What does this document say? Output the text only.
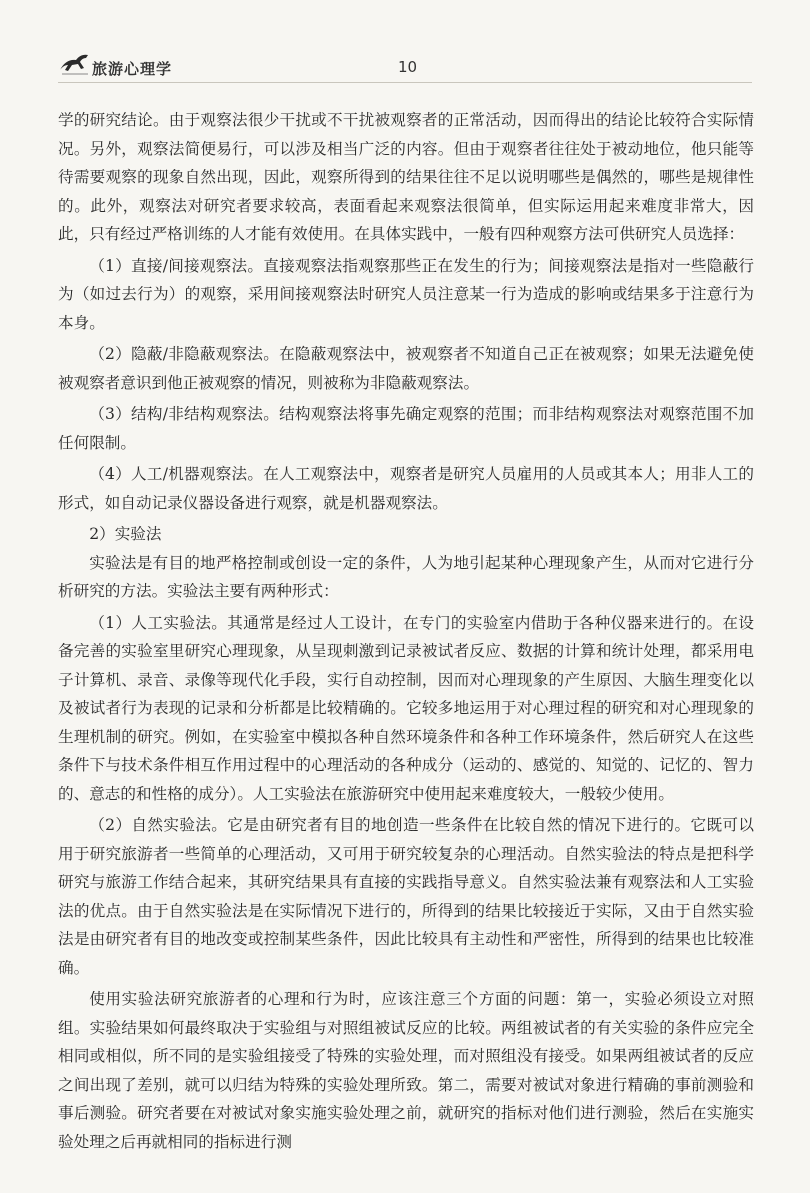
旅游心理学	10

学的研究结论。由于观察法很少干扰或不干扰被观察者的正常活动，因而得出的结论比较符合实际情况。另外，观察法简便易行，可以涉及相当广泛的内容。但由于观察者往往处于被动地位，他只能等待需要观察的现象自然出现，因此，观察所得到的结果往往不足以说明哪些是偶然的，哪些是规律性的。此外，观察法对研究者要求较高，表面看起来观察法很简单，但实际运用起来难度非常大，因此，只有经过严格训练的人才能有效使用。在具体实践中，一般有四种观察方法可供研究人员选择：

（1）直接/间接观察法。直接观察法指观察那些正在发生的行为；间接观察法是指对一些隐蔽行为（如过去行为）的观察，采用间接观察法时研究人员注意某一行为造成的影响或结果多于注意行为本身。

（2）隐蔽/非隐蔽观察法。在隐蔽观察法中，被观察者不知道自己正在被观察；如果无法避免使被观察者意识到他正被观察的情况，则被称为非隐蔽观察法。

（3）结构/非结构观察法。结构观察法将事先确定观察的范围；而非结构观察法对观察范围不加任何限制。

（4）人工/机器观察法。在人工观察法中，观察者是研究人员雇用的人员或其本人；用非人工的形式，如自动记录仪器设备进行观察，就是机器观察法。

2）实验法

实验法是有目的地严格控制或创设一定的条件，人为地引起某种心理现象产生，从而对它进行分析研究的方法。实验法主要有两种形式：

（1）人工实验法。其通常是经过人工设计，在专门的实验室内借助于各种仪器来进行的。在设备完善的实验室里研究心理现象，从呈现刺激到记录被试者反应、数据的计算和统计处理，都采用电子计算机、录音、录像等现代化手段，实行自动控制，因而对心理现象的产生原因、大脑生理变化以及被试者行为表现的记录和分析都是比较精确的。它较多地运用于对心理过程的研究和对心理现象的生理机制的研究。例如，在实验室中模拟各种自然环境条件和各种工作环境条件，然后研究人在这些条件下与技术条件相互作用过程中的心理活动的各种成分（运动的、感觉的、知觉的、记忆的、智力的、意志的和性格的成分）。人工实验法在旅游研究中使用起来难度较大，一般较少使用。

（2）自然实验法。它是由研究者有目的地创造一些条件在比较自然的情况下进行的。它既可以用于研究旅游者一些简单的心理活动，又可用于研究较复杂的心理活动。自然实验法的特点是把科学研究与旅游工作结合起来，其研究结果具有直接的实践指导意义。自然实验法兼有观察法和人工实验法的优点。由于自然实验法是在实际情况下进行的，所得到的结果比较接近于实际，又由于自然实验法是由研究者有目的地改变或控制某些条件，因此比较具有主动性和严密性，所得到的结果也比较准确。

使用实验法研究旅游者的心理和行为时，应该注意三个方面的问题：第一，实验必须设立对照组。实验结果如何最终取决于实验组与对照组被试反应的比较。两组被试者的有关实验的条件应完全相同或相似，所不同的是实验组接受了特殊的实验处理，而对照组没有接受。如果两组被试者的反应之间出现了差别，就可以归结为特殊的实验处理所致。第二，需要对被试对象进行精确的事前测验和事后测验。研究者要在对被试对象实施实验处理之前，就研究的指标对他们进行测验，然后在实施实验处理之后再就相同的指标进行测
